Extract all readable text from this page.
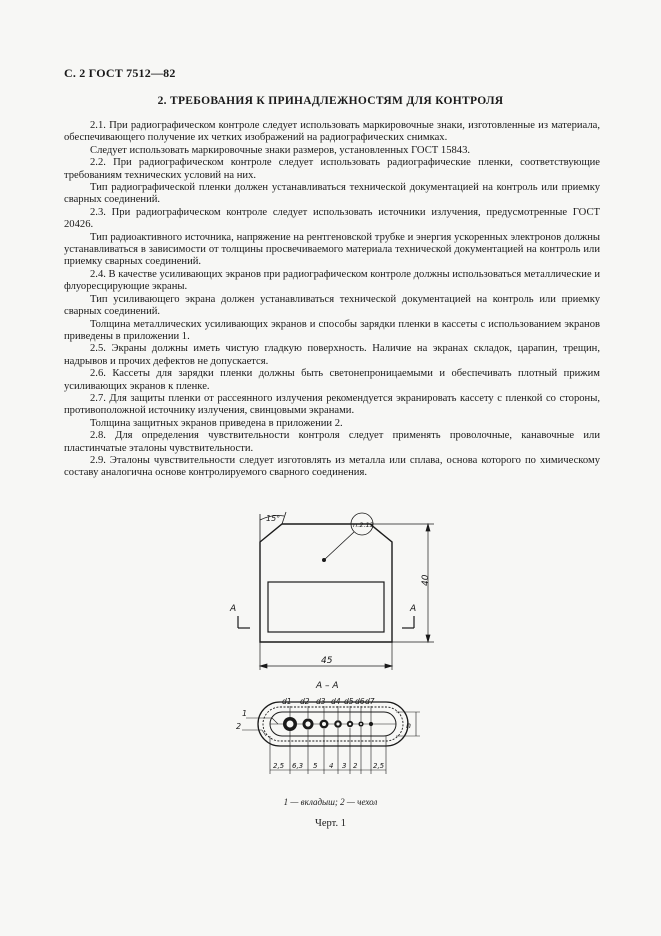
С. 2 ГОСТ 7512—82
2. ТРЕБОВАНИЯ К ПРИНАДЛЕЖНОСТЯМ ДЛЯ КОНТРОЛЯ

2.1. При радиографическом контроле следует использовать маркировочные знаки, изготовленные из материала, обеспечивающего получение их четких изображений на радиографических снимках.

Следует использовать маркировочные знаки размеров, установленных ГОСТ 15843.

2.2. При радиографическом контроле следует использовать радиографические пленки, соответствующие требованиям технических условий на них.

Тип радиографической пленки должен устанавливаться технической документацией на контроль или приемку сварных соединений.

2.3. При радиографическом контроле следует использовать источники излучения, предусмотренные ГОСТ 20426.

Тип радиоактивного источника, напряжение на рентгеновской трубке и энергия ускоренных электронов должны устанавливаться в зависимости от толщины просвечиваемого материала технической документацией на контроль или приемку сварных соединений.

2.4. В качестве усиливающих экранов при радиографическом контроле должны использоваться металлические и флуоресцирующие экраны.

Тип усиливающего экрана должен устанавливаться технической документацией на контроль или приемку сварных соединений.

Толщина металлических усиливающих экранов и способы зарядки пленки в кассеты с использованием экранов приведены в приложении 1.

2.5. Экраны должны иметь чистую гладкую поверхность. Наличие на экранах складок, царапин, трещин, надрывов и прочих дефектов не допускается.

2.6. Кассеты для зарядки пленки должны быть светонепроницаемыми и обеспечивать плотный прижим усиливающих экранов к пленке.

2.7. Для защиты пленки от рассеянного излучения рекомендуется экранировать кассету с пленкой со стороны, противоположной источнику излучения, свинцовыми экранами.

Толщина защитных экранов приведена в приложении 2.

2.8. Для определения чувствительности контроля следует применять проволочные, канавочные или пластинчатые эталоны чувствительности.

2.9. Эталоны чувствительности следует изготовлять из металла или сплава, основа которого по химическому составу аналогична основе контролируемого сварного соединения.

15°
п.2.13
40
45
А	А
А – А
d1 d2 d3 d4 d5 d6 d7
1
2	h
2,5 6,3 5 4 3 2 2,5
1 — вкладыш; 2 — чехол
Черт. 1
